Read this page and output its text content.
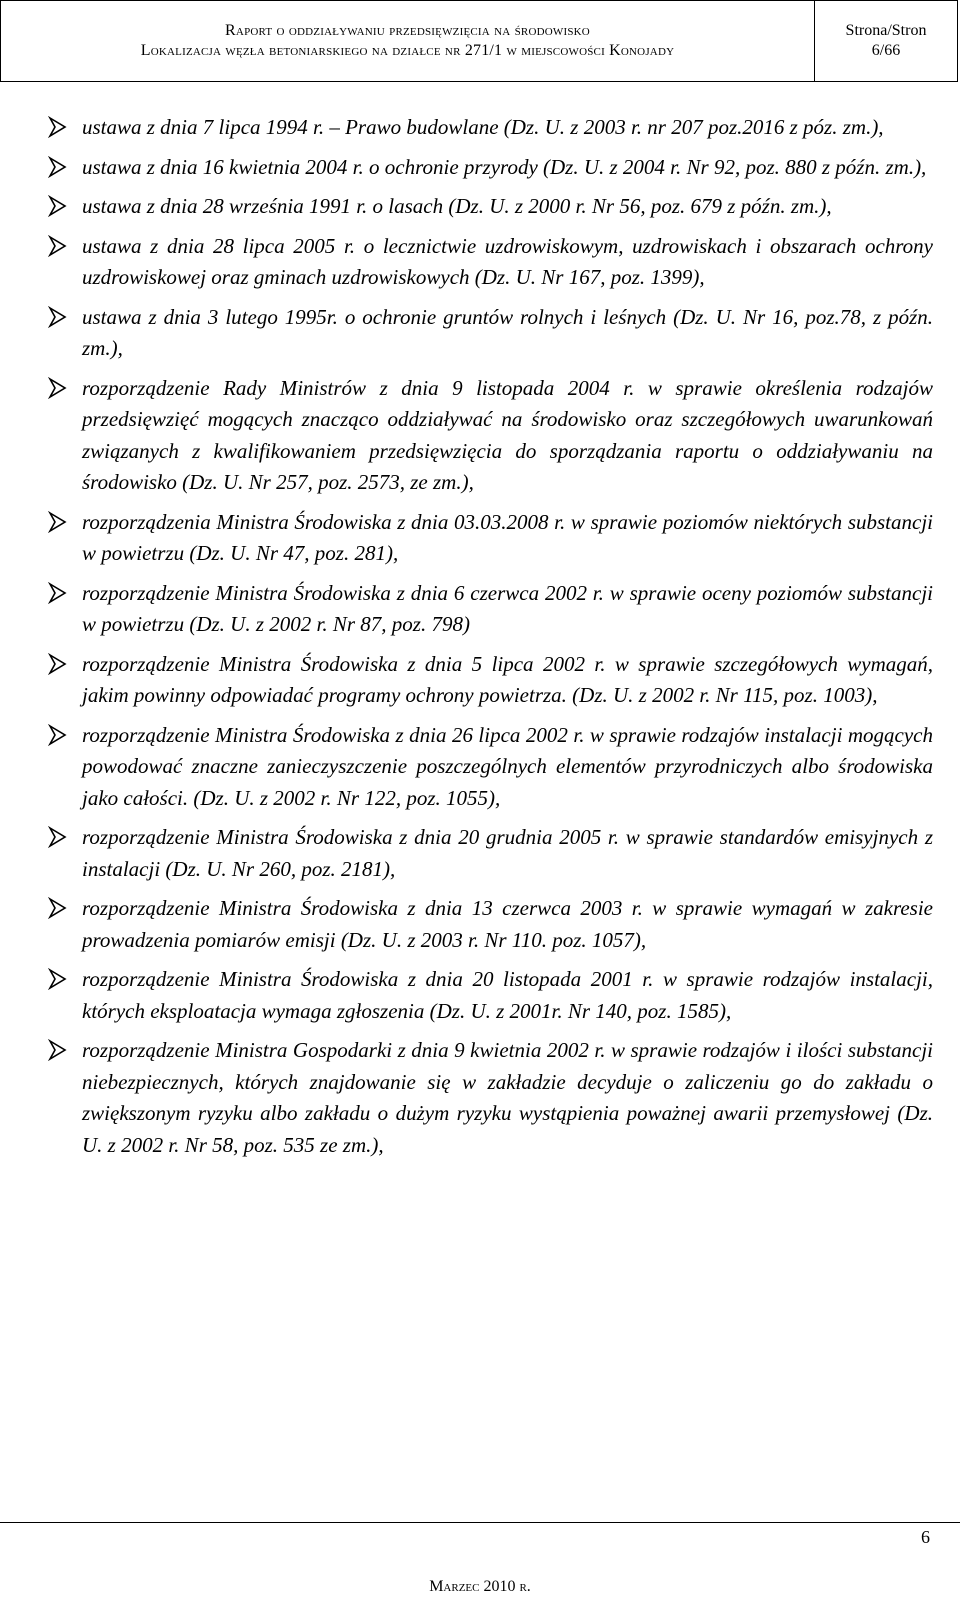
Raport o oddziaływaniu przedsięwzięcia na środowisko
Lokalizacja węzła betoniarskiego na działce nr 271/1 w miejscowości Konojady
Strona/Stron
6/66
ustawa z dnia 7 lipca 1994 r. – Prawo budowlane (Dz. U. z 2003 r. nr 207 poz.2016 z póz. zm.),
ustawa z dnia 16 kwietnia 2004 r. o ochronie przyrody (Dz. U. z 2004 r. Nr 92, poz. 880 z późn. zm.),
ustawa z dnia 28 września 1991 r. o lasach (Dz. U. z 2000 r. Nr 56, poz. 679 z późn. zm.),
ustawa z dnia 28 lipca 2005 r. o lecznictwie uzdrowiskowym, uzdrowiskach i obszarach ochrony uzdrowiskowej oraz gminach uzdrowiskowych (Dz. U. Nr 167, poz. 1399),
ustawa z dnia 3 lutego 1995r. o ochronie gruntów rolnych i leśnych (Dz. U. Nr 16, poz.78, z późn. zm.),
rozporządzenie Rady Ministrów z dnia 9 listopada 2004 r. w sprawie określenia rodzajów przedsięwzięć mogących znacząco oddziaływać na środowisko oraz szczegółowych uwarunkowań związanych z kwalifikowaniem przedsięwzięcia do sporządzania raportu o oddziaływaniu na środowisko (Dz. U. Nr 257, poz. 2573, ze zm.),
rozporządzenia Ministra Środowiska z dnia 03.03.2008 r. w sprawie poziomów niektórych substancji w powietrzu (Dz. U. Nr 47, poz. 281),
rozporządzenie Ministra Środowiska z dnia 6 czerwca 2002 r. w sprawie oceny poziomów substancji w powietrzu (Dz. U. z 2002 r. Nr 87, poz. 798)
rozporządzenie Ministra Środowiska z dnia 5 lipca 2002 r. w sprawie szczegółowych wymagań, jakim powinny odpowiadać programy ochrony powietrza. (Dz. U. z 2002 r. Nr 115, poz. 1003),
rozporządzenie Ministra Środowiska z dnia 26 lipca 2002 r. w sprawie rodzajów instalacji mogących powodować znaczne zanieczyszczenie poszczególnych elementów przyrodniczych albo środowiska jako całości. (Dz. U. z 2002 r. Nr 122, poz. 1055),
rozporządzenie Ministra Środowiska z dnia 20 grudnia 2005 r. w sprawie standardów emisyjnych z instalacji (Dz. U. Nr 260, poz. 2181),
rozporządzenie Ministra Środowiska z dnia 13 czerwca 2003 r. w sprawie wymagań w zakresie prowadzenia pomiarów emisji (Dz. U. z 2003 r. Nr 110. poz. 1057),
rozporządzenie Ministra Środowiska z dnia 20 listopada 2001 r. w sprawie rodzajów instalacji, których eksploatacja wymaga zgłoszenia (Dz. U. z 2001r. Nr 140, poz. 1585),
rozporządzenie Ministra Gospodarki z dnia 9 kwietnia 2002 r. w sprawie rodzajów i ilości substancji niebezpiecznych, których znajdowanie się w zakładzie decyduje o zaliczeniu go do zakładu o zwiększonym ryzyku albo zakładu o dużym ryzyku wystąpienia poważnej awarii przemysłowej (Dz. U. z 2002 r. Nr 58, poz. 535 ze zm.),
6
Marzec 2010 r.
